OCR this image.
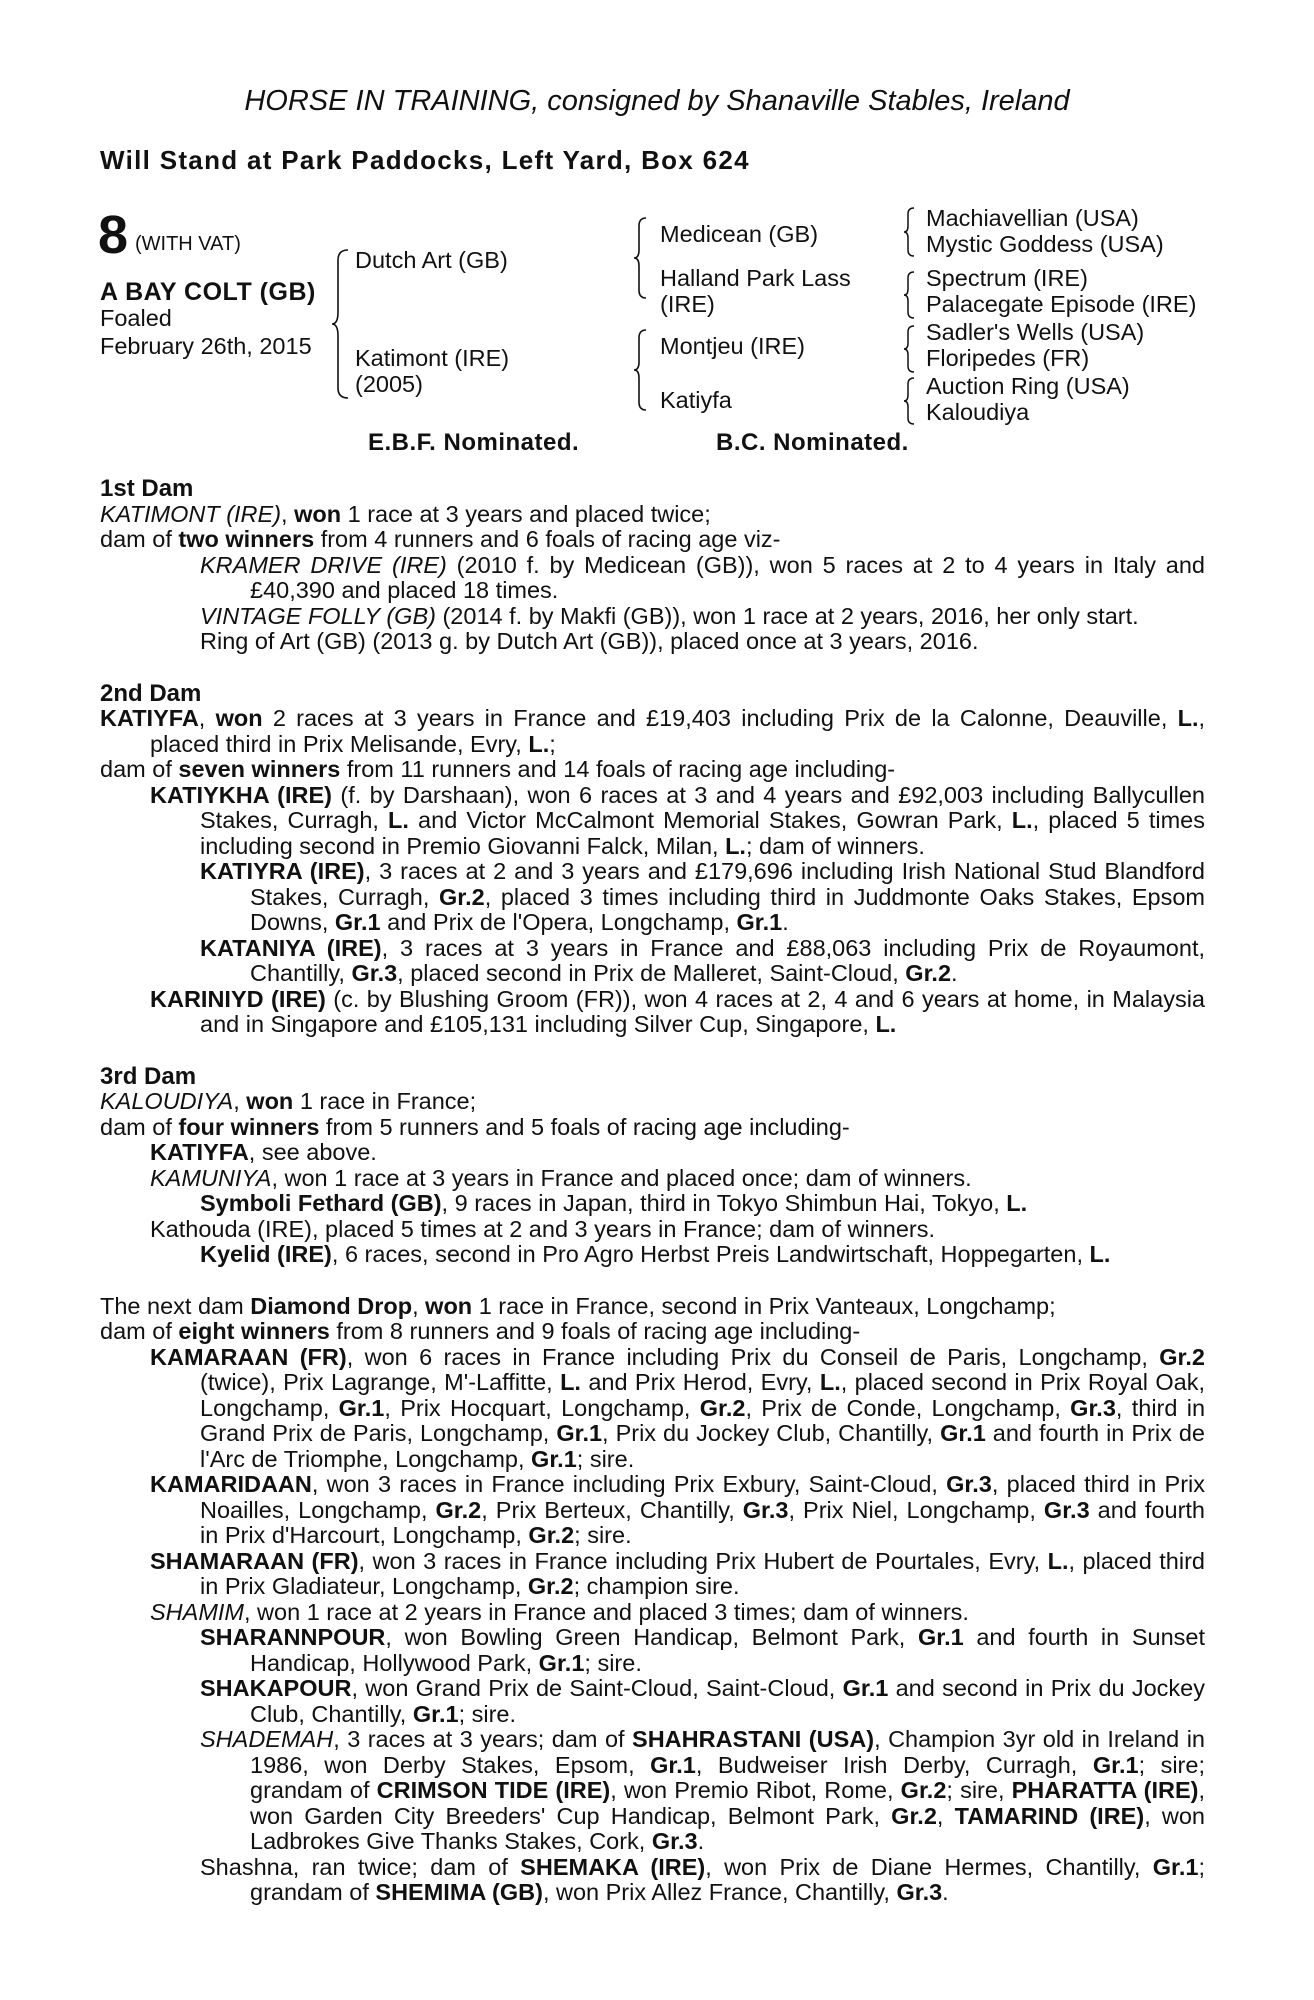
HORSE IN TRAINING, consigned by Shanaville Stables, Ireland
Will Stand at Park Paddocks, Left Yard, Box 624
8 (WITH VAT)
A BAY COLT (GB)
Foaled
February 26th, 2015
Dutch Art (GB)
Katimont (IRE)
(2005)
Medicean (GB)
Halland Park Lass
(IRE)
Montjeu (IRE)
Katiyfa
Machiavellian (USA)
Mystic Goddess (USA)
Spectrum (IRE)
Palacegate Episode (IRE)
Sadler's Wells (USA)
Floripedes (FR)
Auction Ring (USA)
Kaloudiya
E.B.F. Nominated.	B.C. Nominated.
1st Dam
KATIMONT (IRE), won 1 race at 3 years and placed twice;
dam of two winners from 4 runners and 6 foals of racing age viz-
KRAMER DRIVE (IRE) (2010 f. by Medicean (GB)), won 5 races at 2 to 4 years in Italy and £40,390 and placed 18 times.
VINTAGE FOLLY (GB) (2014 f. by Makfi (GB)), won 1 race at 2 years, 2016, her only start.
Ring of Art (GB) (2013 g. by Dutch Art (GB)), placed once at 3 years, 2016.
2nd Dam
KATIYFA, won 2 races at 3 years in France and £19,403 including Prix de la Calonne, Deauville, L., placed third in Prix Melisande, Evry, L.;
dam of seven winners from 11 runners and 14 foals of racing age including-
KATIYKHA (IRE) (f. by Darshaan), won 6 races at 3 and 4 years and £92,003 including Ballycullen Stakes, Curragh, L. and Victor McCalmont Memorial Stakes, Gowran Park, L., placed 5 times including second in Premio Giovanni Falck, Milan, L.; dam of winners.
KATIYRA (IRE), 3 races at 2 and 3 years and £179,696 including Irish National Stud Blandford Stakes, Curragh, Gr.2, placed 3 times including third in Juddmonte Oaks Stakes, Epsom Downs, Gr.1 and Prix de l'Opera, Longchamp, Gr.1.
KATANIYA (IRE), 3 races at 3 years in France and £88,063 including Prix de Royaumont, Chantilly, Gr.3, placed second in Prix de Malleret, Saint-Cloud, Gr.2.
KARINIYD (IRE) (c. by Blushing Groom (FR)), won 4 races at 2, 4 and 6 years at home, in Malaysia and in Singapore and £105,131 including Silver Cup, Singapore, L.
3rd Dam
KALOUDIYA, won 1 race in France;
dam of four winners from 5 runners and 5 foals of racing age including-
KATIYFA, see above.
KAMUNIYA, won 1 race at 3 years in France and placed once; dam of winners.
Symboli Fethard (GB), 9 races in Japan, third in Tokyo Shimbun Hai, Tokyo, L.
Kathouda (IRE), placed 5 times at 2 and 3 years in France; dam of winners.
Kyelid (IRE), 6 races, second in Pro Agro Herbst Preis Landwirtschaft, Hoppegarten, L.
The next dam Diamond Drop, won 1 race in France, second in Prix Vanteaux, Longchamp;
dam of eight winners from 8 runners and 9 foals of racing age including-
KAMARAAN (FR), won 6 races in France including Prix du Conseil de Paris, Longchamp, Gr.2 (twice), Prix Lagrange, M'-Laffitte, L. and Prix Herod, Evry, L., placed second in Prix Royal Oak, Longchamp, Gr.1, Prix Hocquart, Longchamp, Gr.2, Prix de Conde, Longchamp, Gr.3, third in Grand Prix de Paris, Longchamp, Gr.1, Prix du Jockey Club, Chantilly, Gr.1 and fourth in Prix de l'Arc de Triomphe, Longchamp, Gr.1; sire.
KAMARIDAAN, won 3 races in France including Prix Exbury, Saint-Cloud, Gr.3, placed third in Prix Noailles, Longchamp, Gr.2, Prix Berteux, Chantilly, Gr.3, Prix Niel, Longchamp, Gr.3 and fourth in Prix d'Harcourt, Longchamp, Gr.2; sire.
SHAMARAAN (FR), won 3 races in France including Prix Hubert de Pourtales, Evry, L., placed third in Prix Gladiateur, Longchamp, Gr.2; champion sire.
SHAMIM, won 1 race at 2 years in France and placed 3 times; dam of winners.
SHARANNPOUR, won Bowling Green Handicap, Belmont Park, Gr.1 and fourth in Sunset Handicap, Hollywood Park, Gr.1; sire.
SHAKAPOUR, won Grand Prix de Saint-Cloud, Saint-Cloud, Gr.1 and second in Prix du Jockey Club, Chantilly, Gr.1; sire.
SHADEMAH, 3 races at 3 years; dam of SHAHRASTANI (USA), Champion 3yr old in Ireland in 1986, won Derby Stakes, Epsom, Gr.1, Budweiser Irish Derby, Curragh, Gr.1; sire; grandam of CRIMSON TIDE (IRE), won Premio Ribot, Rome, Gr.2; sire, PHARATTA (IRE), won Garden City Breeders' Cup Handicap, Belmont Park, Gr.2, TAMARIND (IRE), won Ladbrokes Give Thanks Stakes, Cork, Gr.3.
Shashna, ran twice; dam of SHEMAKA (IRE), won Prix de Diane Hermes, Chantilly, Gr.1; grandam of SHEMIMA (GB), won Prix Allez France, Chantilly, Gr.3.
